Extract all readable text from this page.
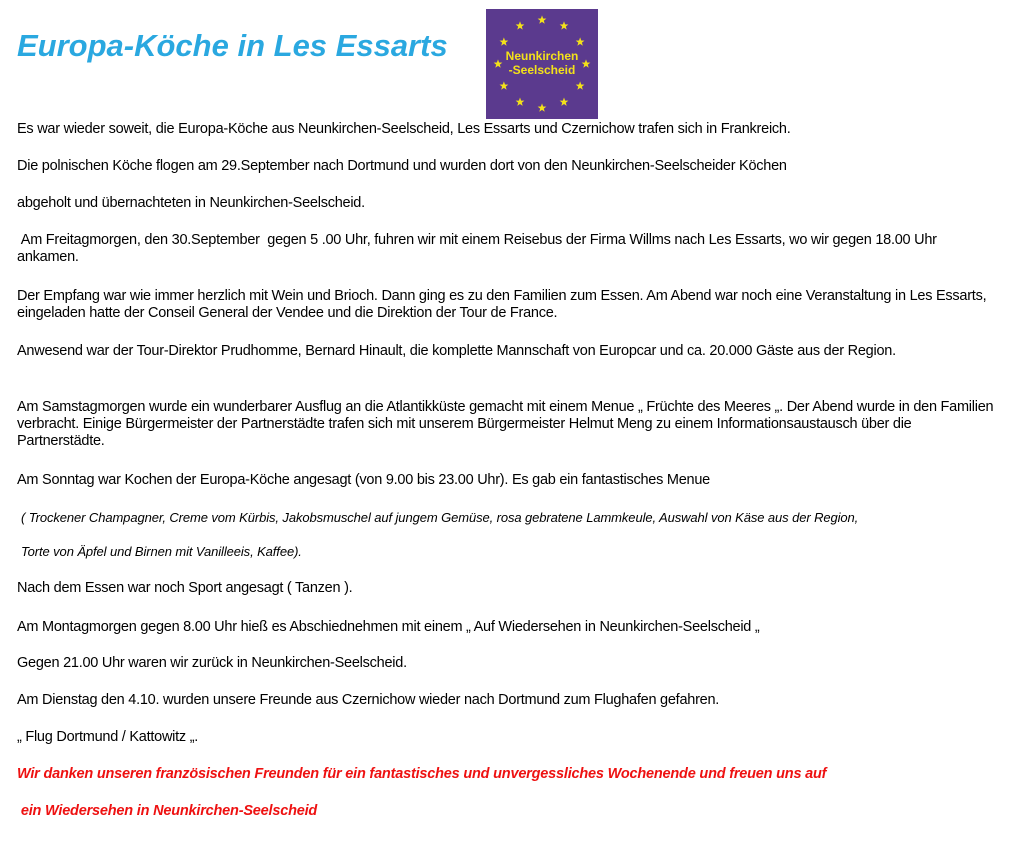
Europa-Köche in Les Essarts	Neunkirchen
-Seelscheid

Es war wieder soweit, die Europa-Köche aus Neunkirchen-Seelscheid, Les Essarts und Czernichow trafen sich in Frankreich.

Die polnischen Köche flogen am 29.September nach Dortmund und wurden dort von den Neunkirchen-Seelscheider Köchen

abgeholt und übernachteten in Neunkirchen-Seelscheid.

Am Freitagmorgen, den 30.September  gegen 5 .00 Uhr, fuhren wir mit einem Reisebus der Firma Willms nach Les Essarts, wo wir gegen 18.00 Uhr ankamen.

Der Empfang war wie immer herzlich mit Wein und Brioch. Dann ging es zu den Familien zum Essen. Am Abend war noch eine Veranstaltung in Les Essarts, eingeladen hatte der Conseil General der Vendee und die Direktion der Tour de France.

Anwesend war der Tour-Direktor Prudhomme, Bernard Hinault, die komplette Mannschaft von Europcar und ca. 20.000 Gäste aus der Region.

Am Samstagmorgen wurde ein wunderbarer Ausflug an die Atlantikküste gemacht mit einem Menue „ Früchte des Meeres „. Der Abend wurde in den Familien verbracht. Einige Bürgermeister der Partnerstädte trafen sich mit unserem Bürgermeister Helmut Meng zu einem Informationsaustausch über die Partnerstädte.

Am Sonntag war Kochen der Europa-Köche angesagt (von 9.00 bis 23.00 Uhr). Es gab ein fantastisches Menue

( Trockener Champagner, Creme vom Kürbis, Jakobsmuschel auf jungem Gemüse, rosa gebratene Lammkeule, Auswahl von Käse aus der Region,

Torte von Äpfel und Birnen mit Vanilleeis, Kaffee).

Nach dem Essen war noch Sport angesagt ( Tanzen ).

Am Montagmorgen gegen 8.00 Uhr hieß es Abschiednehmen mit einem „ Auf Wiedersehen in Neunkirchen-Seelscheid „

Gegen 21.00 Uhr waren wir zurück in Neunkirchen-Seelscheid.

Am Dienstag den 4.10. wurden unsere Freunde aus Czernichow wieder nach Dortmund zum Flughafen gefahren.

„ Flug Dortmund / Kattowitz „.

Wir danken unseren französischen Freunden für ein fantastisches und unvergessliches Wochenende und freuen uns auf

ein Wiedersehen in Neunkirchen-Seelscheid
